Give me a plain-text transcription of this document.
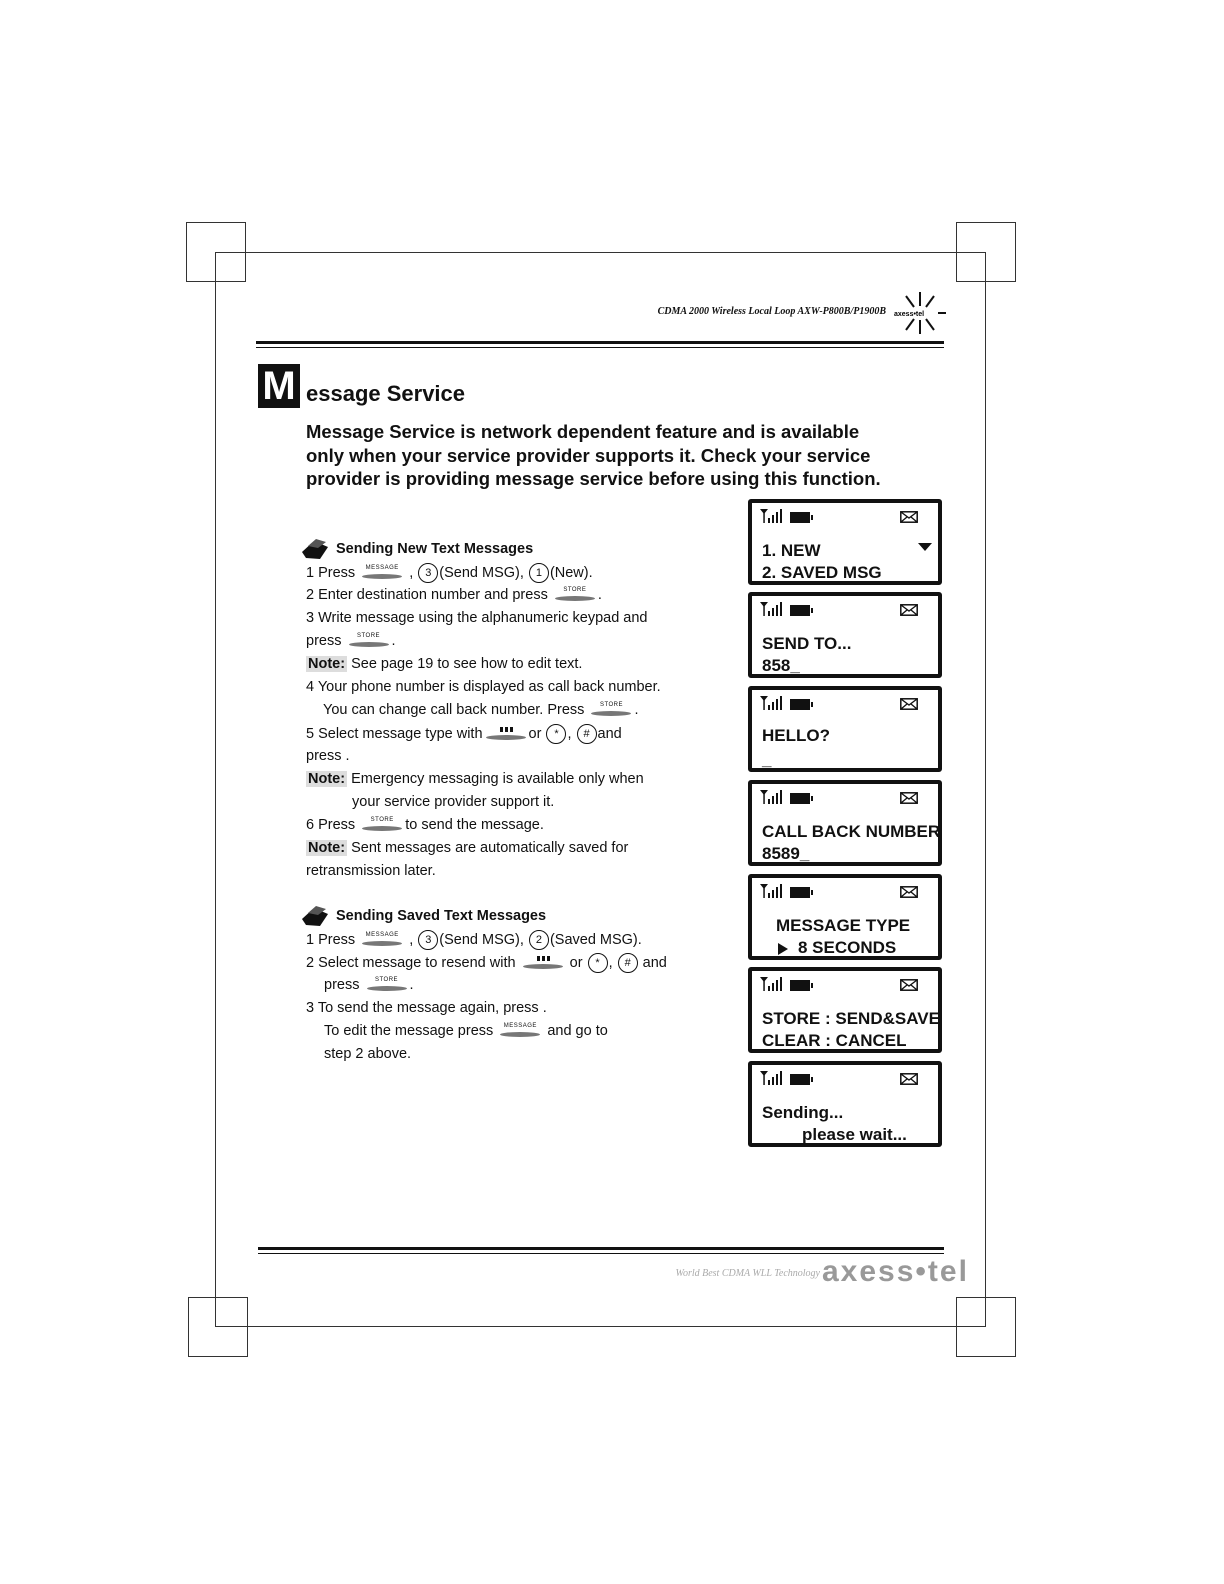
CDMA 2000 Wireless Local Loop AXW-P800B/P1900B axess•tel
M essage Service
Message Service is network dependent feature and is available only when your service provider supports it. Check your service provider is providing message service before using this function.
Sending New Text Messages
1 Press	MESSAGE , 3 (Send MSG), 1 (New).
2 Enter destination number and press	STORE .
3 Write message using the alphanumeric keypad and
press	STORE .
Note: See page 19 to see how to edit text.
4 Your phone number is displayed as call back number.
You can change call back number. Press	STORE .
5 Select message type with	or * , # and
press .
Note: Emergency messaging is available only when
your service provider support it.
6 Press	STORE to send the message.
Note: Sent messages are automatically saved for
retransmission later.
Sending Saved Text Messages
1 Press	MESSAGE , 3 (Send MSG), 2 (Saved MSG).
2 Select message to resend with	or * , # and
press	STORE .
3 To send the message again, press .
To edit the message press	MESSAGE and go to
step 2 above.
1. NEW
2. SAVED MSG
SEND TO...
858_
HELLO?
_
CALL BACK NUMBER
8589_
MESSAGE TYPE
8 SECONDS
STORE : SEND&SAVE
CLEAR : CANCEL
Sending...
please wait...
World Best CDMA WLL Technology axess•tel
